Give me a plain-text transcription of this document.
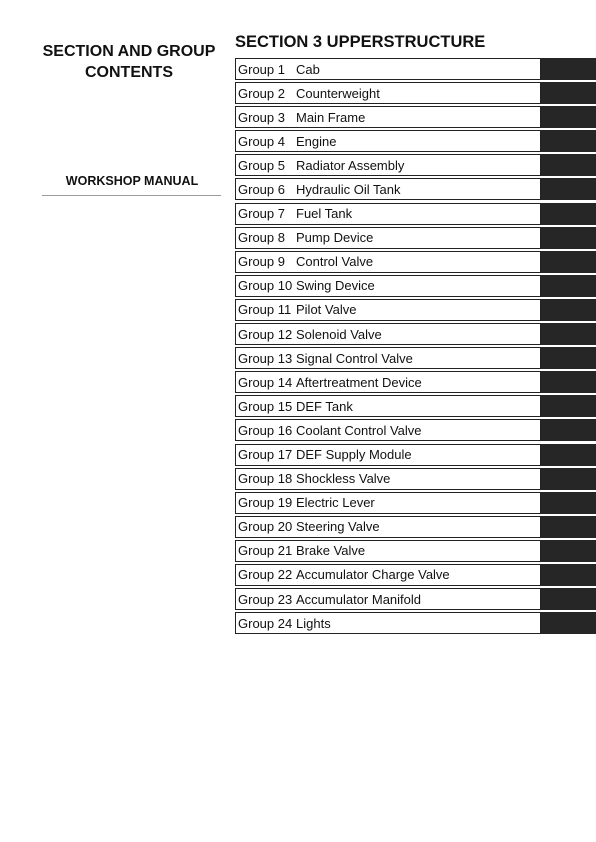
SECTION AND GROUP CONTENTS
WORKSHOP MANUAL
SECTION 3 UPPERSTRUCTURE
Group 1 Cab
Group 2 Counterweight
Group 3 Main Frame
Group 4 Engine
Group 5 Radiator Assembly
Group 6 Hydraulic Oil Tank
Group 7 Fuel Tank
Group 8 Pump Device
Group 9 Control Valve
Group 10 Swing Device
Group 11 Pilot Valve
Group 12 Solenoid Valve
Group 13 Signal Control Valve
Group 14 Aftertreatment Device
Group 15 DEF Tank
Group 16 Coolant Control Valve
Group 17 DEF Supply Module
Group 18 Shockless Valve
Group 19 Electric Lever
Group 20 Steering Valve
Group 21 Brake Valve
Group 22 Accumulator Charge Valve
Group 23 Accumulator Manifold
Group 24 Lights
